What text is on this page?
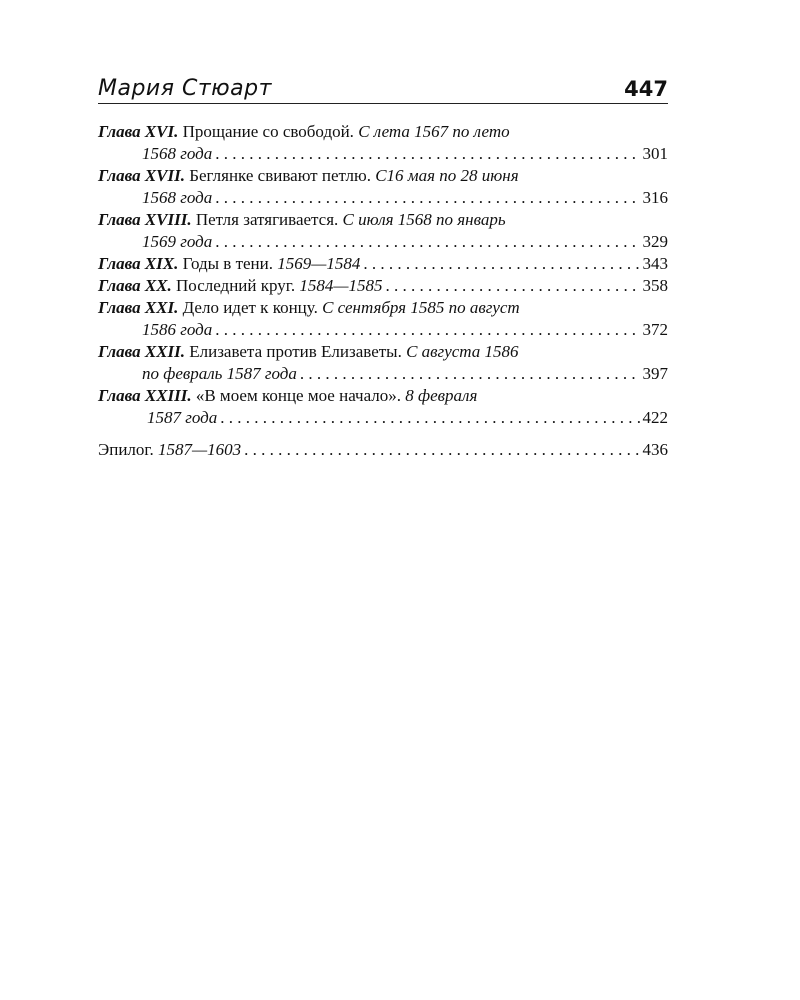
Мария Стюарт	447
Глава XVI. Прощание со свободой. С лета 1567 по лето
1568 года . . .	301
Глава XVII. Беглянке свивают петлю. С16 мая по 28 июня
1568 года . . .	316
Глава XVIII. Петля затягивается. С июля 1568 по январь
1569 года . . .	329
Глава XIX. Годы в тени. 1569—1584 . . .	343
Глава XX. Последний круг. 1584—1585 . . .	358
Глава XXI. Дело идет к концу. С сентября 1585 по август
1586 года . . .	372
Глава XXII. Елизавета против Елизаветы. С августа 1586
по февраль 1587 года . . .	397
Глава XXIII. «В моем конце мое начало». 8 февраля
1587 года . . .	422
Эпилог. 1587—1603 . . .	436
